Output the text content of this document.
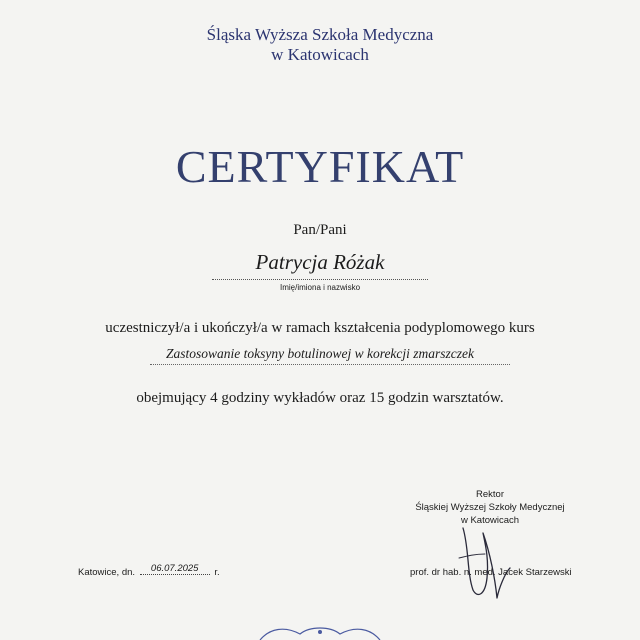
Śląska Wyższa Szkoła Medyczna
w Katowicach
CERTYFIKAT
Pan/Pani
Patrycja Różak
Imię/imiona i nazwisko
uczestniczył/a i ukończył/a w ramach kształcenia podyplomowego kurs
Zastosowanie toksyny botulinowej w korekcji zmarszczek
obejmujący 4 godziny wykładów oraz 15 godzin warsztatów.
Rektor
Śląskiej Wyższej Szkoły Medycznej
w Katowicach
Katowice, dn. 06.07.2025 r.	prof. dr hab. n. med. Jacek Starzewski
